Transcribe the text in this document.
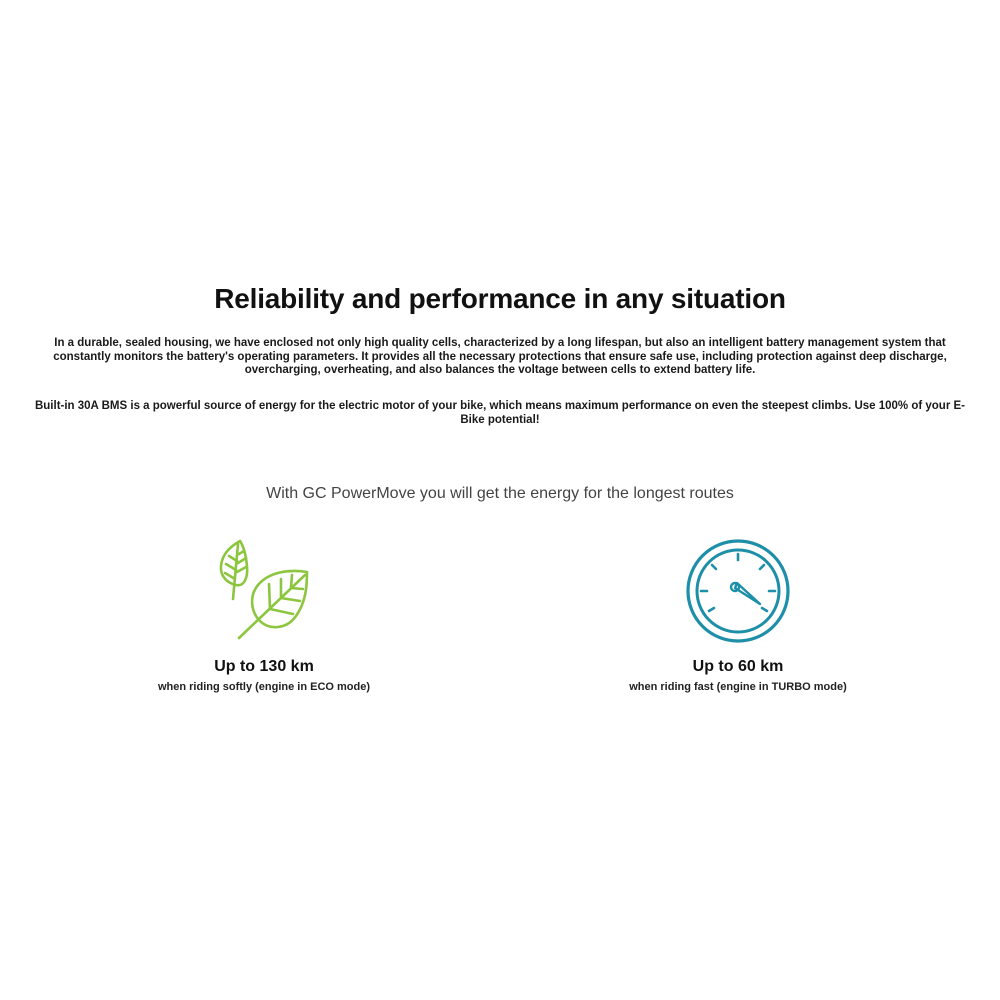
Reliability and performance in any situation

In a durable, sealed housing, we have enclosed not only high quality cells, characterized by a long lifespan, but also an intelligent battery management system that constantly monitors the battery's operating parameters. It provides all the necessary protections that ensure safe use, including protection against deep discharge, overcharging, overheating, and also balances the voltage between cells to extend battery life.

Built-in 30A BMS is a powerful source of energy for the electric motor of your bike, which means maximum performance on even the steepest climbs. Use 100% of your E-Bike potential!

With GC PowerMove you will get the energy for the longest routes

Up to 130 km
when riding softly (engine in ECO mode)
Up to 60 km
when riding fast (engine in TURBO mode)
